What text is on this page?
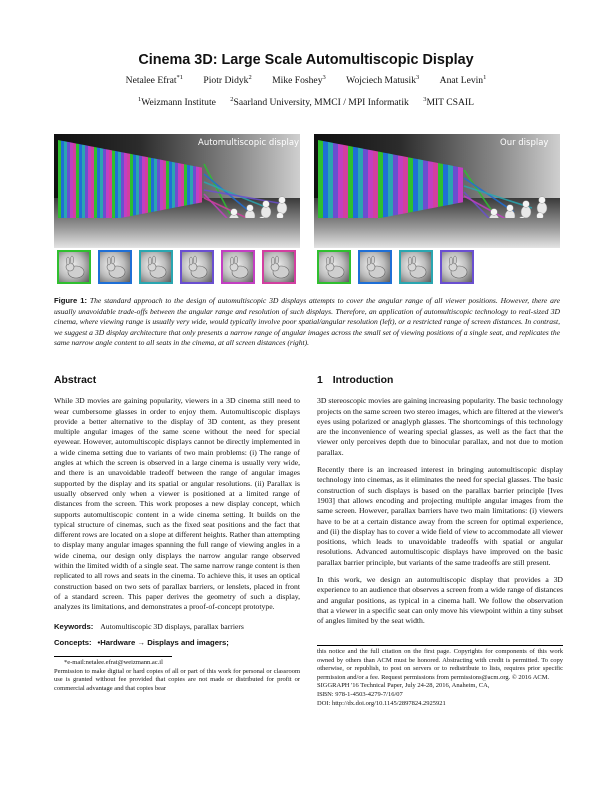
Cinema 3D: Large Scale Automultiscopic Display
Netalee Efrat$^{*1}$ Piotr Didyk$^2$ Mike Foshey$^3$ Wojciech Matusik$^3$ Anat Levin$^1$
$^1$Weizmann Institute $^2$Saarland University, MMCI / MPI Informatik $^3$MIT CSAIL
Automultiscopic display	Our display
Figure 1: The standard approach to the design of automultiscopic 3D displays attempts to cover the angular range of all viewer positions. However, there are usually unavoidable trade-offs between the angular range and resolution of such displays. Therefore, an application of automultiscopic technology to real-sized 3D cinema, where viewing range is usually very wide, would typically involve poor spatial/angular resolution (left), or a restricted range of screen distances. In contrast, we suggest a 3D display architecture that only presents a narrow range of angular images across the small set of viewing positions of a single seat, and replicates the same narrow angle content to all seats in the cinema, at all screen distances (right).
Abstract

While 3D movies are gaining popularity, viewers in a 3D cinema still need to wear cumbersome glasses in order to enjoy them. Automultiscopic displays provide a better alternative to the display of 3D content, as they present multiple angular images of the same scene without the need for special eyewear. However, automultiscopic displays cannot be directly implemented in a wide cinema setting due to variants of two main problems: (i) The range of angles at which the screen is observed in a large cinema is usually very wide, and there is an unavoidable tradeoff between the range of angular images supported by the display and its spatial or angular resolutions. (ii) Parallax is usually observed only when a viewer is positioned at a limited range of distances from the screen. This work proposes a new display concept, which supports automultiscopic content in a wide cinema setting. It builds on the typical structure of cinemas, such as the fixed seat positions and the fact that different rows are located on a slope at different heights. Rather than attempting to display many angular images spanning the full range of viewing angles in a wide cinema, our design only displays the narrow angular range observed within the limited width of a single seat. The same narrow range content is then replicated to all rows and seats in the cinema. To achieve this, it uses an optical construction based on two sets of parallax barriers, or lenslets, placed in front of a standard screen. This paper derives the geometry of such a display, analyzes its limitations, and demonstrates a proof-of-concept prototype.

Keywords: Automultiscopic 3D displays, parallax barriers

Concepts: •Hardware → Displays and imagers;

*e-mail:netalee.efrat@weizmann.ac.il
Permission to make digital or hard copies of all or part of this work for personal or classroom use is granted without fee provided that copies are not made or distributed for profit or commercial advantage and that copies bear
1 Introduction

3D stereoscopic movies are gaining increasing popularity. The basic technology projects on the same screen two stereo images, which are filtered at the viewer's eyes using polarized or anaglyph glasses. The shortcomings of this technology are the inconvenience of wearing special glasses, as well as the fact that the viewer only perceives depth due to binocular parallax, and not due to motion parallax.

Recently there is an increased interest in bringing automultiscopic display technology into cinemas, as it eliminates the need for special glasses. The basic construction of such displays is based on the parallax barrier principle [Ives 1903] that allows encoding and projecting multiple angular images from the same screen. However, parallax barriers have two main limitations: (i) viewers have to be at a certain distance away from the screen for optimal experience, and (ii) the display has to cover a wide field of view to accommodate all viewer positions, which leads to unavoidable tradeoffs with spatial or angular resolutions. Advanced automultiscopic displays have improved on the basic parallax barrier principle, but variants of the same tradeoffs are still present.

In this work, we design an automultiscopic display that provides a 3D experience to an audience that observes a screen from a wide range of distances and angular positions, as typical in a cinema hall. We follow the observation that a viewer in a specific seat can only move his viewpoint within a tiny subset of angles limited by the seat width.

this notice and the full citation on the first page. Copyrights for components of this work owned by others than ACM must be honored. Abstracting with credit is permitted. To copy otherwise, or republish, to post on servers or to redistribute to lists, requires prior specific permission and/or a fee. Request permissions from permissions@acm.org. © 2016 ACM.
SIGGRAPH '16 Technical Paper, July 24-28, 2016, Anaheim, CA,
ISBN: 978-1-4503-4279-7/16/07
DOI: http://dx.doi.org/10.1145/2897824.2925921
